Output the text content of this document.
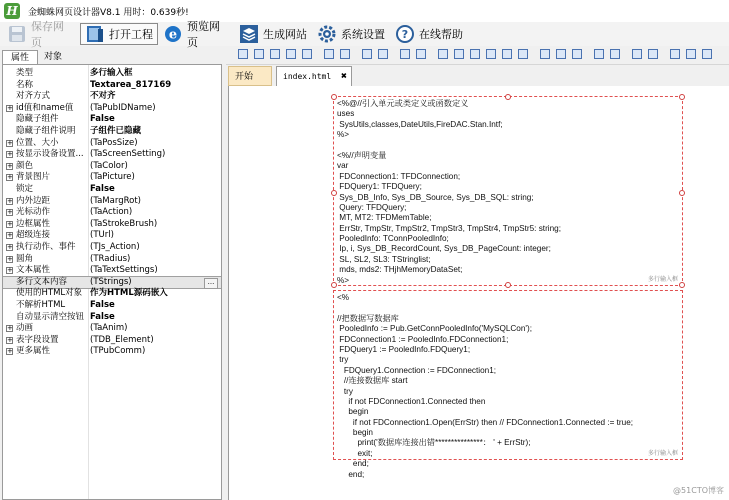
H 金蜘蛛网页设计器V8.1 用时：0.639秒!
保存网页
打开工程 e
预览网页
生成网站	系统设置 ? 在线帮助
属性	对象
类型	多行输入框
名称	Textarea_817169
对齐方式	不对齐
+ id值和name值 (TaPubIDName)
隐藏子组件	False
隐藏子组件说明 子组件已隐藏
+ 位置、大小	(TaPosSize)
+ 按显示设备设置... (TaScreenSetting)
+ 颜色	(TaColor)
+ 背景图片	(TaPicture)
锁定	False
+ 内外边距	(TaMargRot)
+ 光标动作	(TaAction)
+ 边框属性	(TaStrokeBrush)
+ 超级连接	(TUrl)
+ 执行动作、事件 (TJs_Action)
+ 圆角	(TRadius)
+ 文本属性	(TaTextSettings)
多行文本内容	(TStrings)	...
使用的HTML对象 作为HTML源码嵌入
不解析HTML	False
自动显示清空按钮 False
+ 动画	(TaAnim)
+ 表字段设置	(TDB_Element)
+ 更多属性	(TPubComm)
开始	index.html ✖
<%@//引入单元或类定义或函数定义
uses
SysUtils,classes,DateUtils,FireDAC.Stan.Intf;
%>
<%//声明变量
var
FDConnection1: TFDConnection;
FDQuery1: TFDQuery;
Sys_DB_Info, Sys_DB_Source, Sys_DB_SQL: string;
Query: TFDQuery;
MT, MT2: TFDMemTable;
ErrStr, TmpStr, TmpStr2, TmpStr3, TmpStr4, TmpStr5: string;
PooledInfo: TConnPooledInfo;
Ip, i, Sys_DB_RecordCount, Sys_DB_PageCount: integer;
SL, SL2, SL3: TStringlist;
mds, mds2: THjhMemoryDataSet;
%>	多行输入框
<%
//把数据写数据库
PooledInfo := Pub.GetConnPooledInfo('MySQLCon');
FDConnection1 := PooledInfo.FDConnection1;
FDQuery1 := PooledInfo.FDQuery1;
try
FDQuery1.Connection := FDConnection1;
//连接数据库 start
try
if not FDConnection1.Connected then
begin
if not FDConnection1.Open(ErrStr) then // FDConnection1.Connected := true;
begin
print('数据库连接出错***************： ' + ErrStr);
exit;
end;
end;
多行输入框
@51CTO博客
